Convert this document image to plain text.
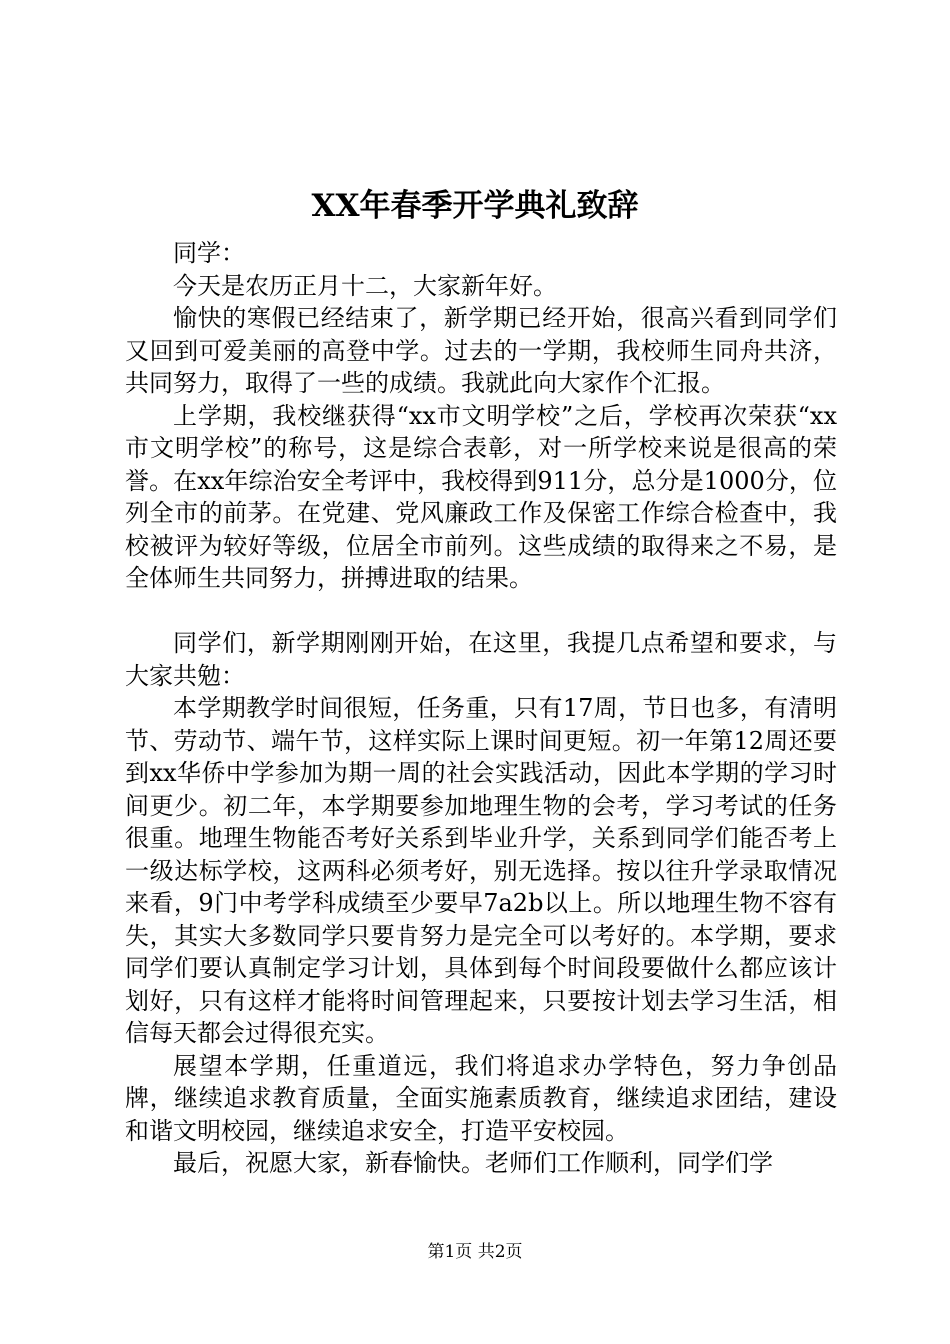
XX年春季开学典礼致辞

同学：

今天是农历正月十二，大家新年好。

愉快的寒假已经结束了，新学期已经开始，很高兴看到同学们又回到可爱美丽的高登中学。过去的一学期，我校师生同舟共济，共同努力，取得了一些的成绩。我就此向大家作个汇报。

上学期，我校继获得“xx市文明学校”之后，学校再次荣获“xx市文明学校”的称号，这是综合表彰，对一所学校来说是很高的荣誉。在xx年综治安全考评中，我校得到911分，总分是1000分，位列全市的前茅。在党建、党风廉政工作及保密工作综合检查中，我校被评为较好等级，位居全市前列。这些成绩的取得来之不易，是全体师生共同努力，拼搏进取的结果。

同学们，新学期刚刚开始，在这里，我提几点希望和要求，与大家共勉：

本学期教学时间很短，任务重，只有17周，节日也多，有清明节、劳动节、端午节，这样实际上课时间更短。初一年第12周还要到xx华侨中学参加为期一周的社会实践活动，因此本学期的学习时间更少。初二年，本学期要参加地理生物的会考，学习考试的任务很重。地理生物能否考好关系到毕业升学，关系到同学们能否考上一级达标学校，这两科必须考好，别无选择。按以往升学录取情况来看，9门中考学科成绩至少要早7a2b以上。所以地理生物不容有失，其实大多数同学只要肯努力是完全可以考好的。本学期，要求同学们要认真制定学习计划，具体到每个时间段要做什么都应该计划好，只有这样才能将时间管理起来，只要按计划去学习生活，相信每天都会过得很充实。

展望本学期，任重道远，我们将追求办学特色，努力争创品牌，继续追求教育质量，全面实施素质教育，继续追求团结，建设和谐文明校园，继续追求安全，打造平安校园。

最后，祝愿大家，新春愉快。老师们工作顺利，同学们学

第1页 共2页
